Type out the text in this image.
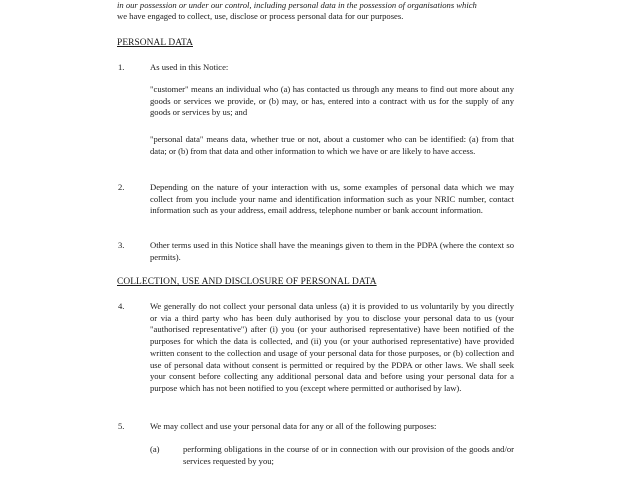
in our possession or under our control, including personal data in the possession of organisations which
we have engaged to collect, use, disclose or process personal data for our purposes.
PERSONAL DATA
1.	As used in this Notice:
"customer" means an individual who (a) has contacted us through any means to find out more about any goods or services we provide, or (b) may, or has, entered into a contract with us for the supply of any goods or services by us; and
"personal data" means data, whether true or not, about a customer who can be identified: (a) from that data; or (b) from that data and other information to which we have or are likely to have access.
2.	Depending on the nature of your interaction with us, some examples of personal data which we may collect from you include your name and identification information such as your NRIC number, contact information such as your address, email address, telephone number or bank account information.
3.	Other terms used in this Notice shall have the meanings given to them in the PDPA (where the context so permits).
COLLECTION, USE AND DISCLOSURE OF PERSONAL DATA
4.	We generally do not collect your personal data unless (a) it is provided to us voluntarily by you directly or via a third party who has been duly authorised by you to disclose your personal data to us (your "authorised representative") after (i) you (or your authorised representative) have been notified of the purposes for which the data is collected, and (ii) you (or your authorised representative) have provided written consent to the collection and usage of your personal data for those purposes, or (b) collection and use of personal data without consent is permitted or required by the PDPA or other laws. We shall seek your consent before collecting any additional personal data and before using your personal data for a purpose which has not been notified to you (except where permitted or authorised by law).
5.	We may collect and use your personal data for any or all of the following purposes:
(a)	performing obligations in the course of or in connection with our provision of the goods and/or services requested by you;
